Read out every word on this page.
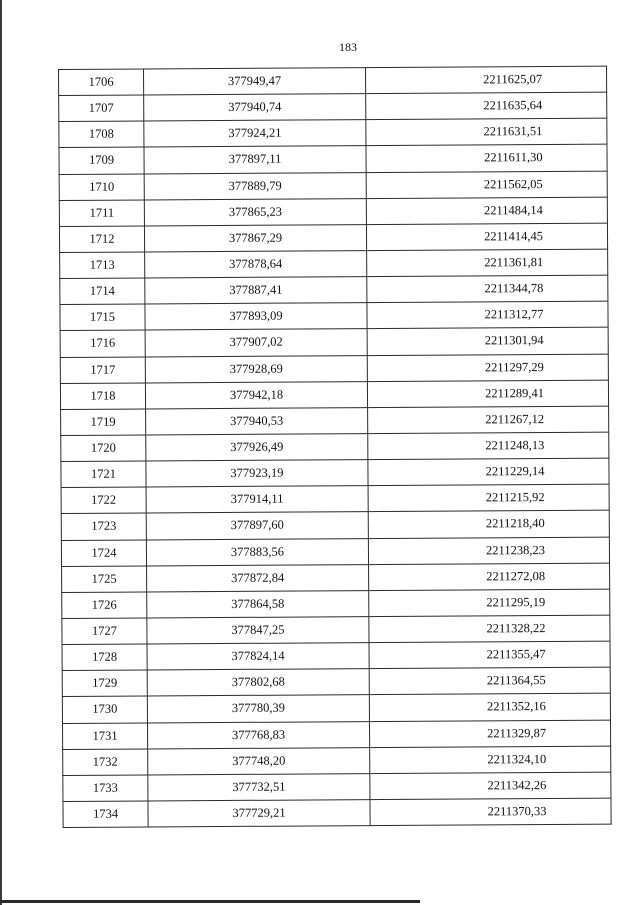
183
1706	377949,47	2211625,07
1707	377940,74	2211635,64
1708	377924,21	2211631,51
1709	377897,11	2211611,30
1710	377889,79	2211562,05
1711	377865,23	2211484,14
1712	377867,29	2211414,45
1713	377878,64	2211361,81
1714	377887,41	2211344,78
1715	377893,09	2211312,77
1716	377907,02	2211301,94
1717	377928,69	2211297,29
1718	377942,18	2211289,41
1719	377940,53	2211267,12
1720	377926,49	2211248,13
1721	377923,19	2211229,14
1722	377914,11	2211215,92
1723	377897,60	2211218,40
1724	377883,56	2211238,23
1725	377872,84	2211272,08
1726	377864,58	2211295,19
1727	377847,25	2211328,22
1728	377824,14	2211355,47
1729	377802,68	2211364,55
1730	377780,39	2211352,16
1731	377768,83	2211329,87
1732	377748,20	2211324,10
1733	377732,51	2211342,26
1734	377729,21	2211370,33
